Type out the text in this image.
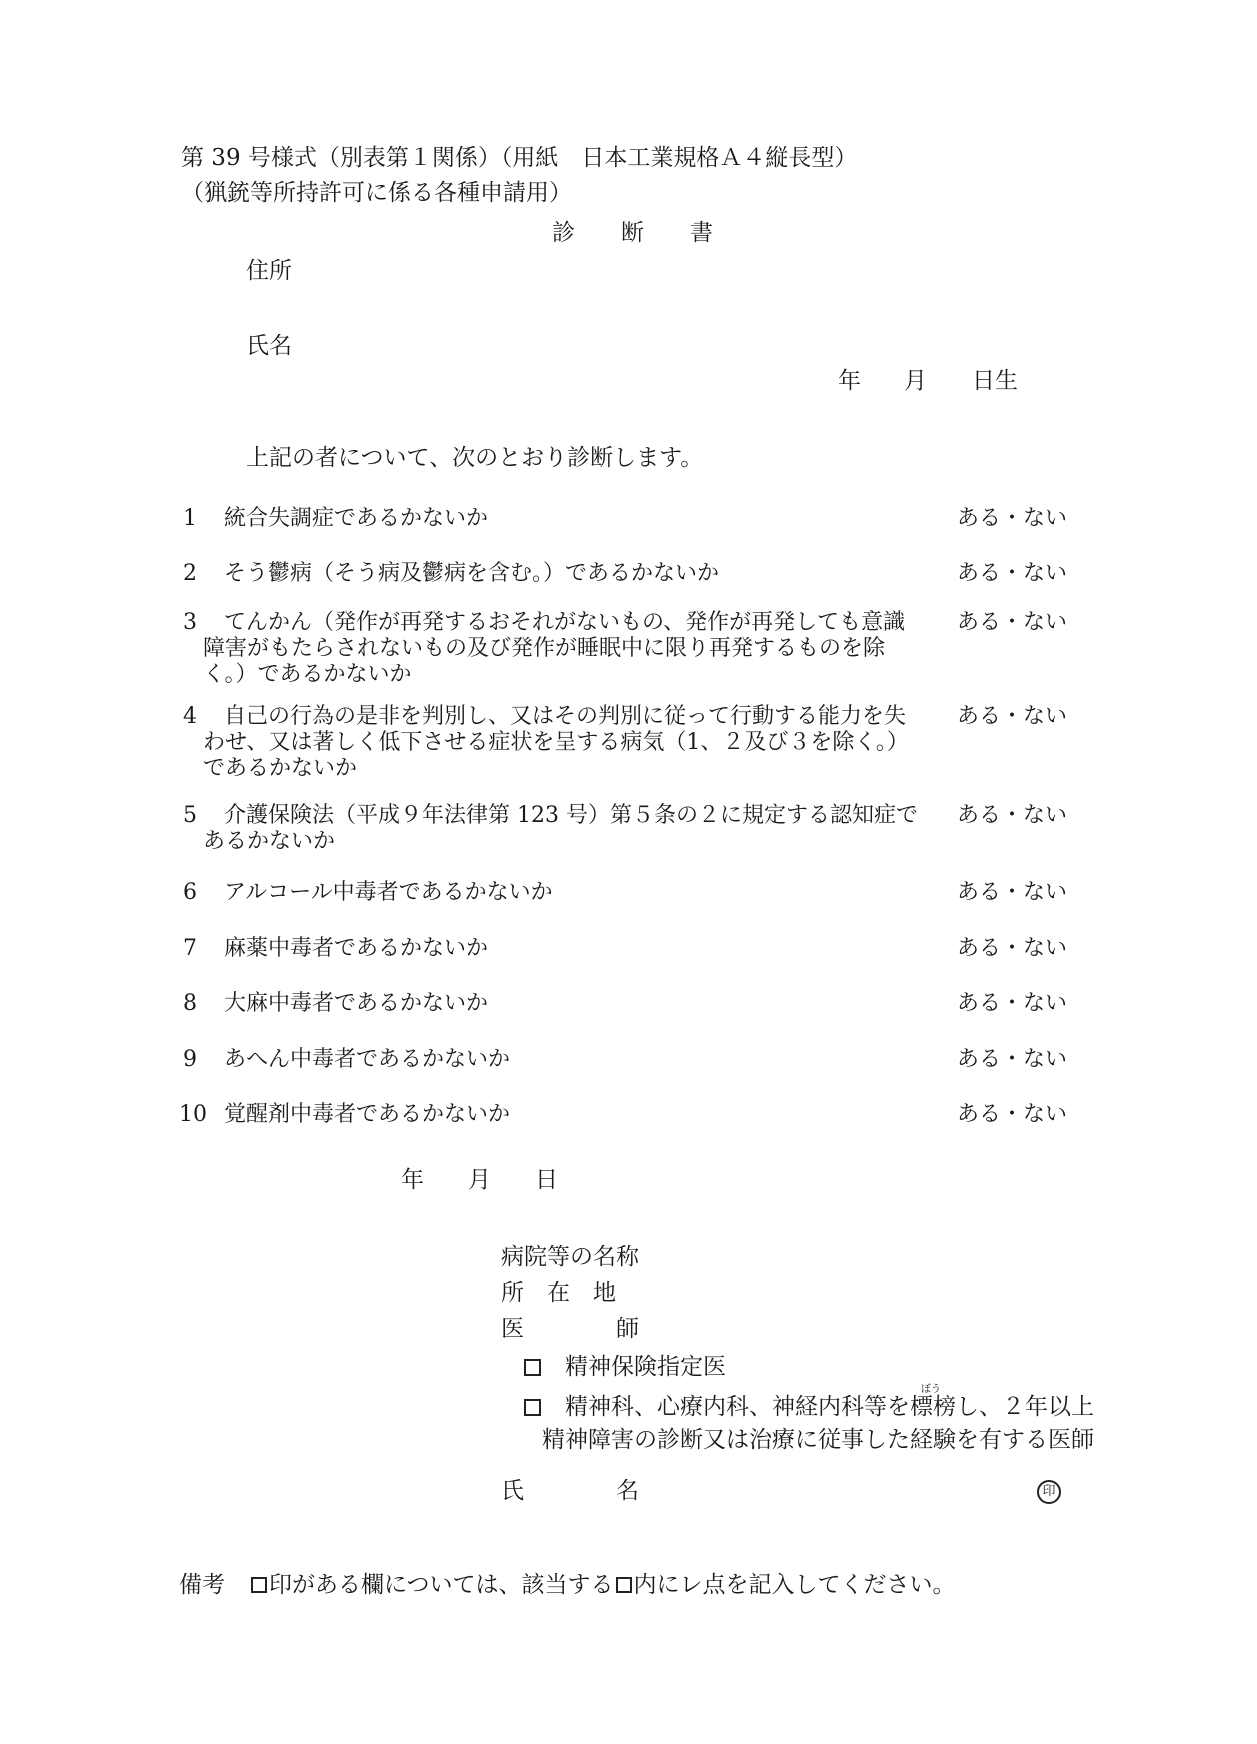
第 39 号様式（別表第１関係）（用紙　日本工業規格Ａ４縦長型）
（猟銃等所持許可に係る各種申請用）
診　　断　　書
住所
氏名
年 月 日生
上記の者について、次のとおり診断します。
1 統合失調症であるかないか	ある・ない
2 そう鬱病（そう病及鬱病を含む。）であるかないか	ある・ない
3	てんかん（発作が再発するおそれがないもの、発作が再発しても意識
障害がもたらされないもの及び発作が睡眠中に限り再発するものを除
く。）であるかないか
ある・ない
4	自己の行為の是非を判別し、又はその判別に従って行動する能力を失
わせ、又は著しく低下させる症状を呈する病気（1、２及び３を除く。）
であるかないか
ある・ない
5	介護保険法（平成９年法律第 123 号）第５条の２に規定する認知症で
あるかないか
ある・ない
6 アルコール中毒者であるかないか	ある・ない
7 麻薬中毒者であるかないか	ある・ない
8 大麻中毒者であるかないか	ある・ない
9 あへん中毒者であるかないか	ある・ない
10 覚醒剤中毒者であるかないか	ある・ない
年 月 日
病院等の名称
所　在　地
医　　　　師
精神保険指定医
ぼう
精神科、心療内科、神経内科等を標榜し、２年以上
精神障害の診断又は治療に従事した経験を有する医師
氏　　　　名	印
備考 印がある欄については、該当する 内にレ点を記入してください。
